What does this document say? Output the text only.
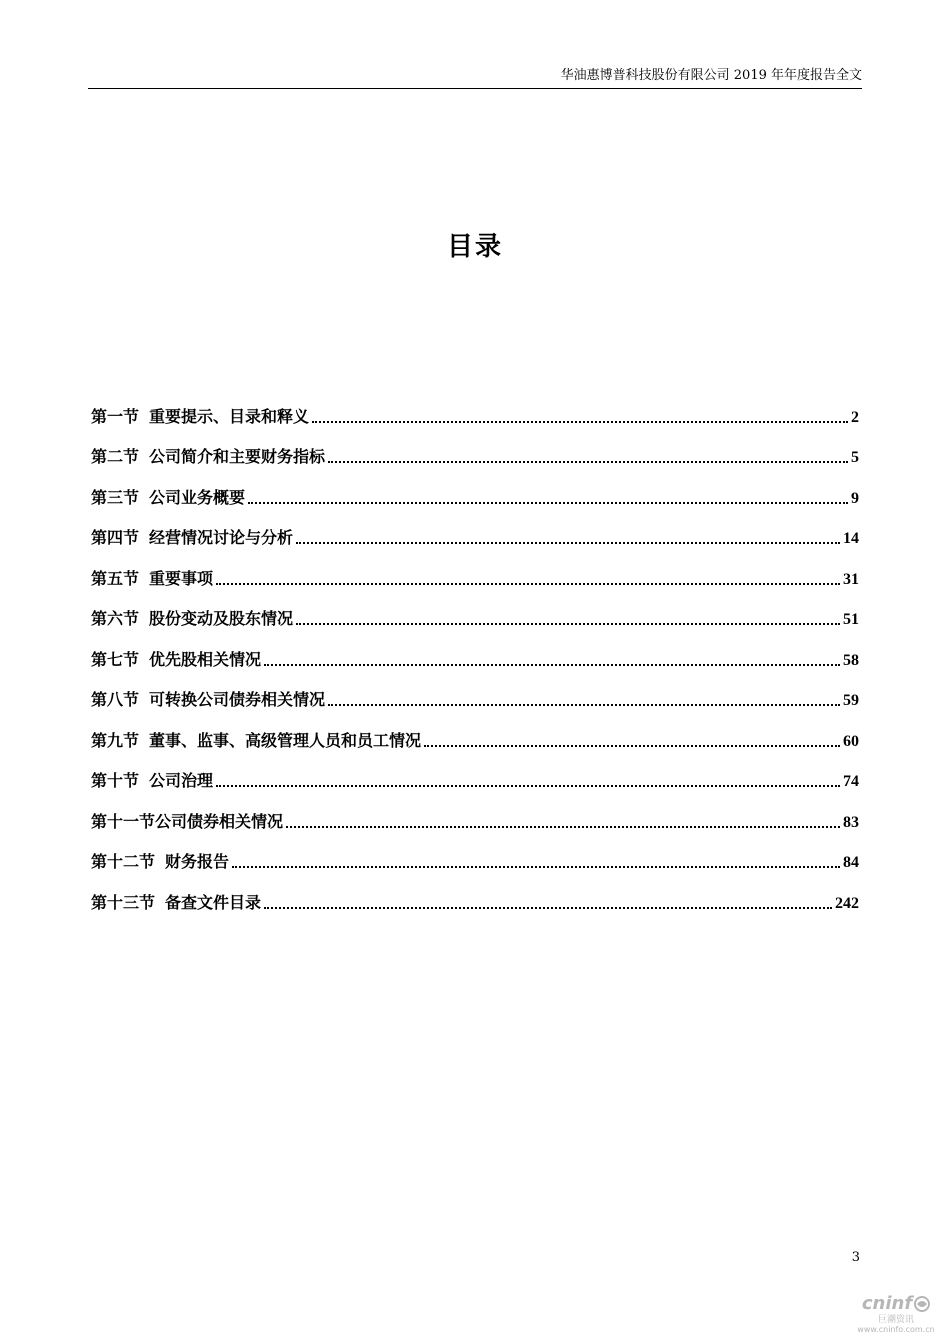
华油惠博普科技股份有限公司 2019 年年度报告全文
目录
第一节 重要提示、目录和释义	2
第二节 公司简介和主要财务指标	5
第三节 公司业务概要	9
第四节 经营情况讨论与分析	14
第五节 重要事项	31
第六节 股份变动及股东情况	51
第七节 优先股相关情况	58
第八节 可转换公司债券相关情况	59
第九节 董事、监事、高级管理人员和员工情况	60
第十节 公司治理	74
第十一节公司债券相关情况	83
第十二节 财务报告	84
第十三节 备查文件目录	242
3
cninf
巨潮资讯
www.cninfo.com.cn
